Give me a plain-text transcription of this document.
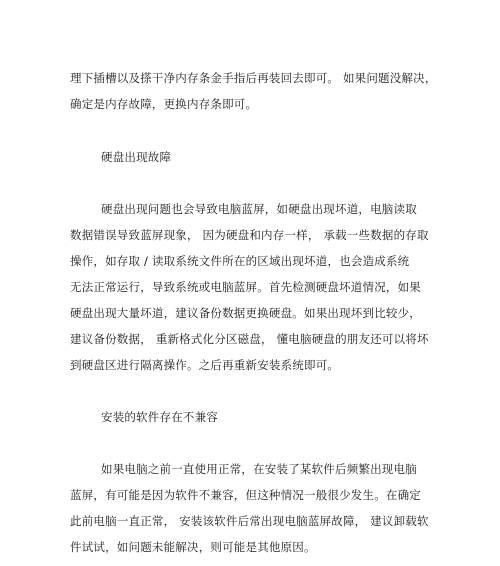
理下插槽以及搽干净内存条金手指后再装回去即可。 如果问题没解决，
确定是内存故障，更换内存条即可。
硬盘出现故障
硬盘出现问题也会导致电脑蓝屏，如硬盘出现坏道，电脑读取
数据错误导致蓝屏现象， 因为硬盘和内存一样， 承载一些数据的存取
操作，如存取 / 读取系统文件所在的区域出现坏道，也会造成系统
无法正常运行，导致系统或电脑蓝屏。首先检测硬盘坏道情况，如果
硬盘出现大量坏道，建议备份数据更换硬盘。如果出现坏到比较少，
建议备份数据， 重新格式化分区磁盘， 懂电脑硬盘的朋友还可以将坏
到硬盘区进行隔离操作。之后再重新安装系统即可。
安装的软件存在不兼容
如果电脑之前一直使用正常，在安装了某软件后频繁出现电脑
蓝屏，有可能是因为软件不兼容，但这种情况一般很少发生。在确定
此前电脑一直正常， 安装该软件后常出现电脑蓝屏故障， 建议卸载软
件试试，如问题未能解决，则可能是其他原因。
